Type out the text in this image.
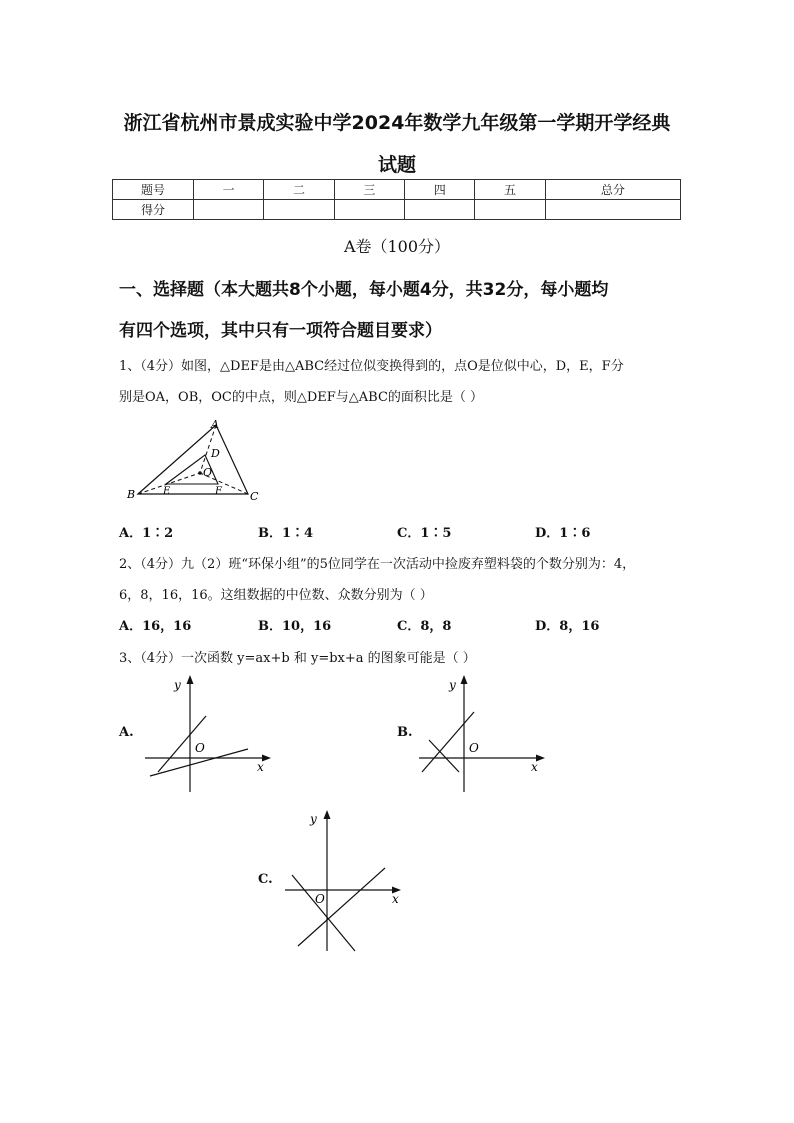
浙江省杭州市景成实验中学2024年数学九年级第一学期开学经典
试题
题号	一	二	三	四	五	总分
得分						
A卷（100分）
一、选择题（本大题共8个小题，每小题4分，共32分，每小题均
有四个选项，其中只有一项符合题目要求）
1、（4分）如图，△DEF是由△ABC经过位似变换得到的，点O是位似中心，D，E，F分
别是OA，OB，OC的中点，则△DEF与△ABC的面积比是（ ）
A
B	C
D
E	F
O
A．1∶2	B．1∶4	C．1∶5	D．1∶6
2、（4分）九（2）班“环保小组”的5位同学在一次活动中捡废弃塑料袋的个数分别为：4，
6，8，16，16。这组数据的中位数、众数分别为（ ）
A．16，16	B．10，16	C．8，8	D．8，16
3、（4分）一次函数 y=ax+b 和 y=bx+a 的图象可能是（ ）
A.
y
x
O
B.
y
x
O
C.
y
x
O
